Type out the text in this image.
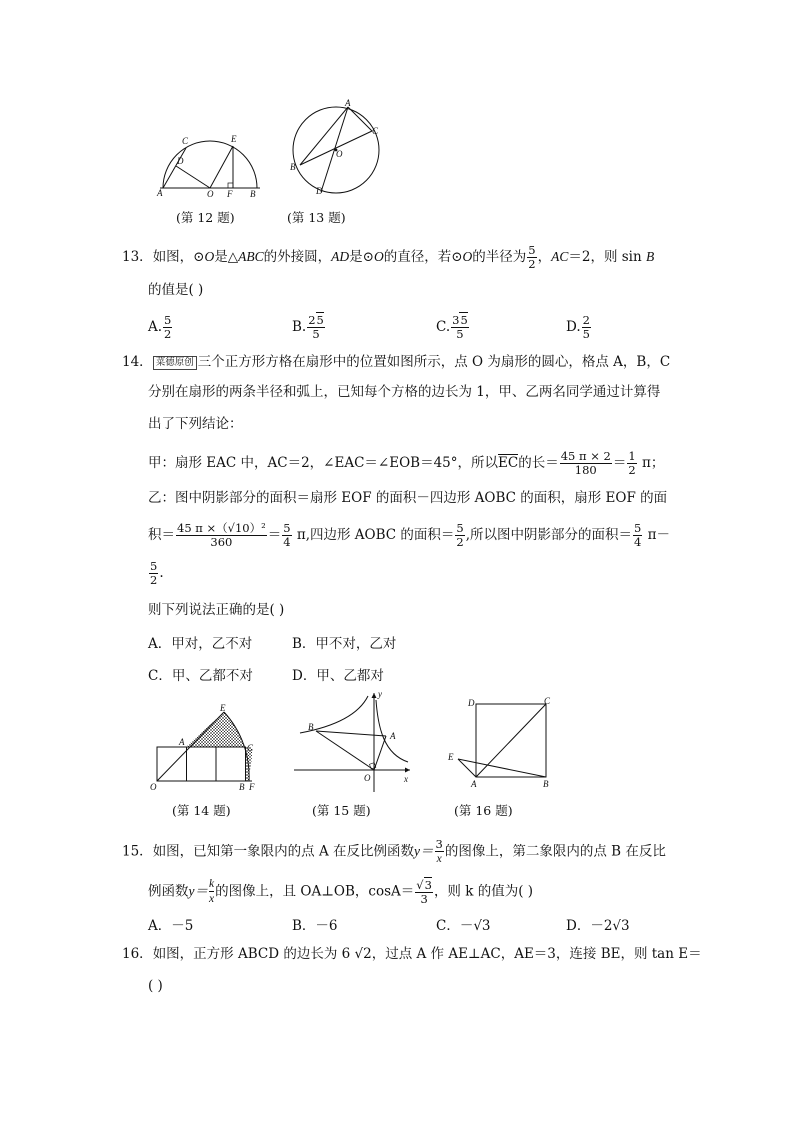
A
C
D
O
E
F B
(第 12 题)
A
C
O
B
D
(第 13 题)
13．如图，⊙O是△ABC的外接圆，AD是⊙O的直径，若⊙O的半径为 $\frac{5}{2}$ ，AC＝2，则 sin B
的值是( )
A. $\frac{5}{2}$	B. $\frac{25}{5}$	C. $\frac{35}{5}$	D. $\frac{2}{5}$
14． 菜德原创 三个正方形方格在扇形中的位置如图所示，点 O 为扇形的圆心，格点 A，B，C
分别在扇形的两条半径和弧上，已知每个方格的边长为 1，甲、乙两名同学通过计算得
出了下列结论：
甲：扇形 EAC 中，AC＝2，∠EAC＝∠EOB＝45°，所以EC的长＝ $\frac{45 \pi \times 2}{180} = \frac{1}{2}$ π；
乙：图中阴影部分的面积＝扇形 EOF 的面积－四边形 AOBC 的面积，扇形 EOF 的面
积＝ $\frac{\text{45 π ×（√10）²}}{360} = \frac{5}{4} \pi$,四边形 AOBC 的面积＝ $\frac{5}{2}$ ,所以图中阴影部分的面积＝ $\frac{5}{4} \pi-$
$\frac{5}{2}$ .
则下列说法正确的是( )
A．甲对，乙不对	B．甲不对，乙对
C．甲、乙都不对	D．甲、乙都对
E
A
C
O	B F
(第 14 题)
y
B
A
O	x
(第 15 题)
D	C
E
A	B
(第 16 题)
15．如图，已知第一象限内的点 A 在反比例函数$y= \frac{3}{x}$的图像上，第二象限内的点 B 在反比
例函数$y= \frac{k}{x}$的图像上，且 OA⊥OB，$\cos A= \frac{√3}{3}$ ，则 k 的值为( )
A．－5	B．－6	C．－√3	D．－2√3
16．如图，正方形 ABCD 的边长为 6 √2，过点 A 作 AE⊥AC，AE＝3，连接 BE，则 tan E＝
( )
